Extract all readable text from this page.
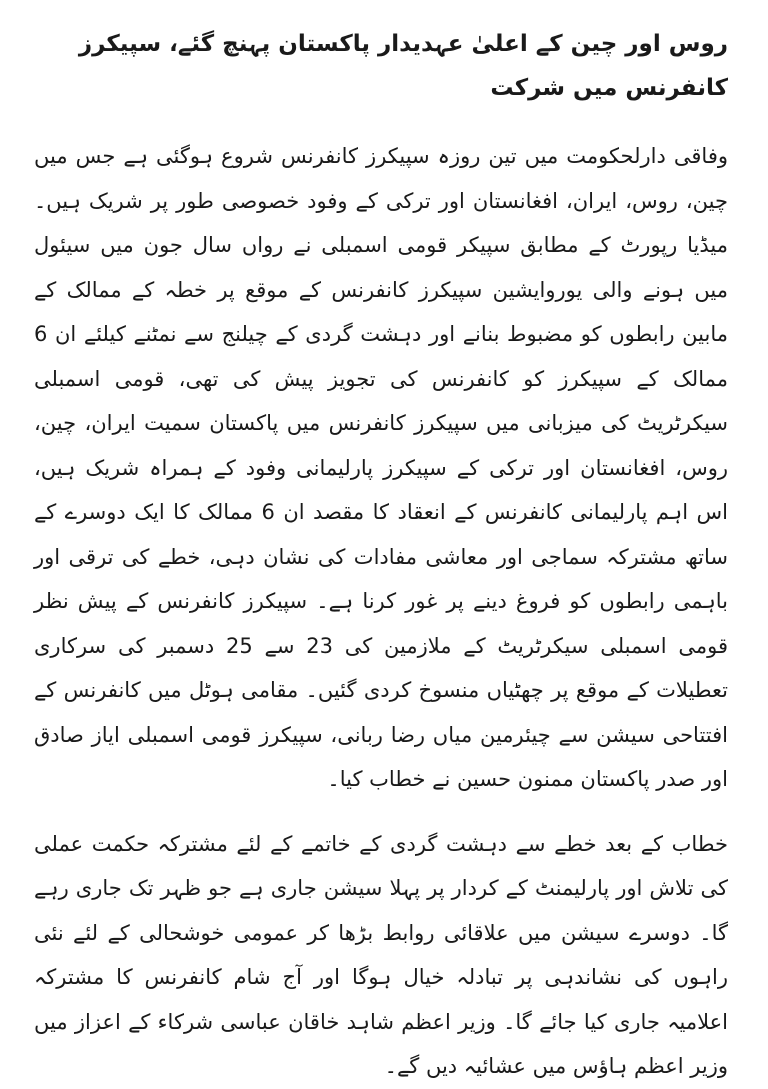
روس اور چین کے اعلیٰ عہدیدار پاکستان پہنچ گئے، سپیکرز کانفرنس میں شرکت

وفاقی دارلحکومت میں تین روزہ سپیکرز کانفرنس شروع ہوگئی ہے جس میں چین، روس، ایران، افغانستان اور ترکی کے وفود خصوصی طور پر شریک ہیں۔ میڈیا رپورٹ کے مطابق سپیکر قومی اسمبلی نے رواں سال جون میں سیئول میں ہونے والی یوروایشین سپیکرز کانفرنس کے موقع پر خطہ کے ممالک کے مابین رابطوں کو مضبوط بنانے اور دہشت گردی کے چیلنج سے نمٹنے کیلئے ان 6 ممالک کے سپیکرز کو کانفرنس کی تجویز پیش کی تھی، قومی اسمبلی سیکرٹریٹ کی میزبانی میں سپیکرز کانفرنس میں پاکستان سمیت ایران، چین، روس، افغانستان اور ترکی کے سپیکرز پارلیمانی وفود کے ہمراہ شریک ہیں، اس اہم پارلیمانی کانفرنس کے انعقاد کا مقصد ان 6 ممالک کا ایک دوسرے کے ساتھ مشترکہ سماجی اور معاشی مفادات کی نشان دہی، خطے کی ترقی اور باہمی رابطوں کو فروغ دینے پر غور کرنا ہے۔ سپیکرز کانفرنس کے پیش نظر قومی اسمبلی سیکرٹریٹ کے ملازمین کی 23 سے 25 دسمبر کی سرکاری تعطیلات کے موقع پر چھٹیاں منسوخ کردی گئیں۔ مقامی ہوٹل میں کانفرنس کے افتتاحی سیشن سے چیئرمین میاں رضا ربانی، سپیکرز قومی اسمبلی ایاز صادق اور صدر پاکستان ممنون حسین نے خطاب کیا۔

خطاب کے بعد خطے سے دہشت گردی کے خاتمے کے لئے مشترکہ حکمت عملی کی تلاش اور پارلیمنٹ کے کردار پر پہلا سیشن جاری ہے جو ظہر تک جاری رہے گا۔ دوسرے سیشن میں علاقائی روابط بڑھا کر عمومی خوشحالی کے لئے نئی راہوں کی نشاندہی پر تبادلہ خیال ہوگا اور آج شام کانفرنس کا مشترکہ اعلامیہ جاری کیا جائے گا۔ وزیر اعظم شاہد خاقان عباسی شرکاء کے اعزاز میں وزیر اعظم ہاؤس میں عشائیہ دیں گے۔
